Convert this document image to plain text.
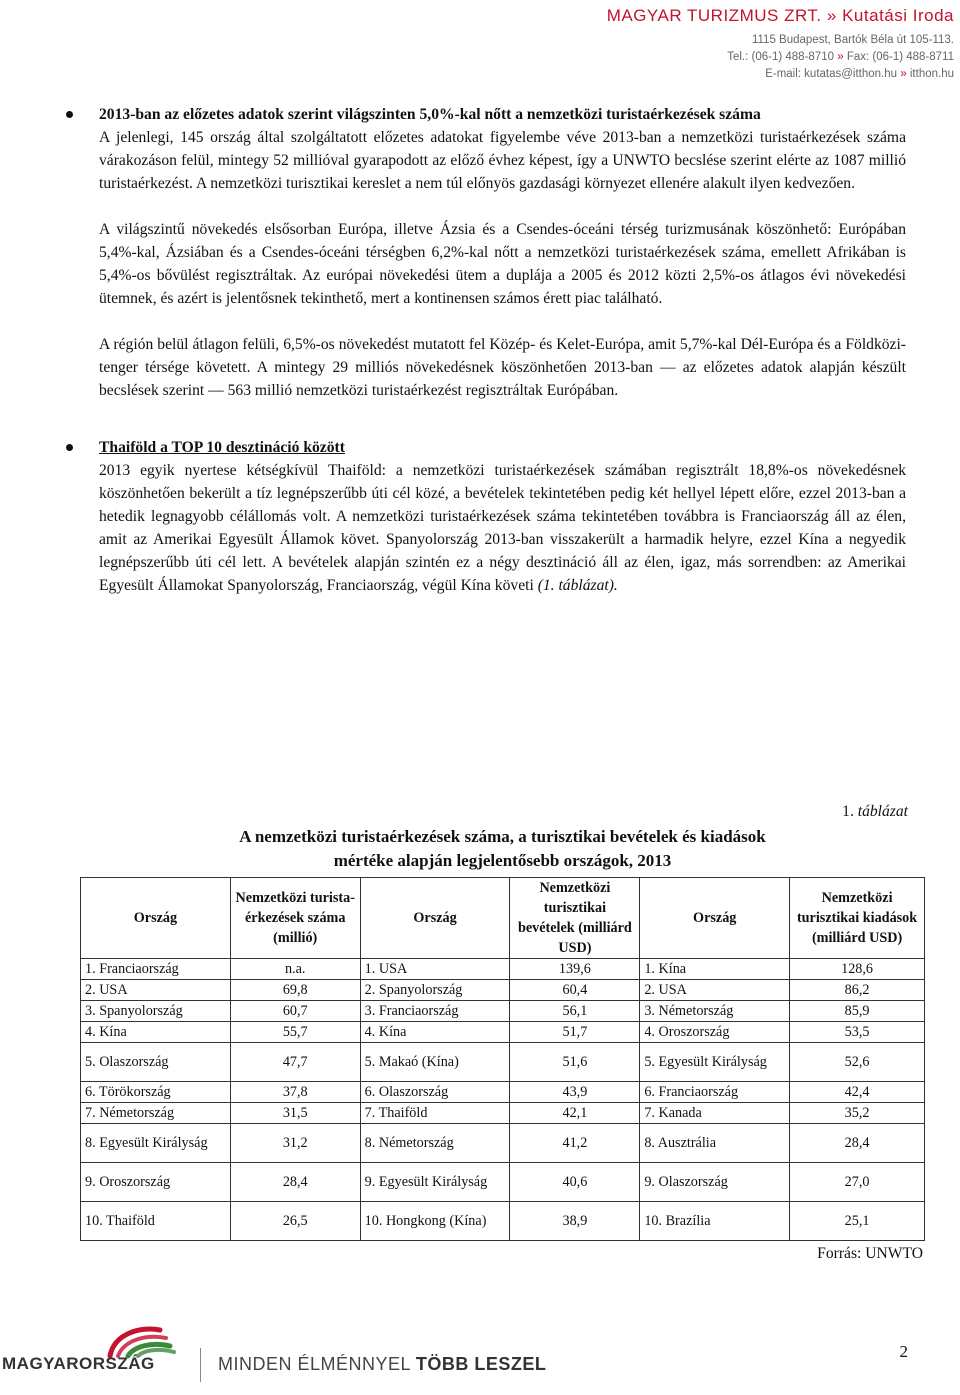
MAGYAR TURIZMUS ZRT. » Kutatási Iroda
1115 Budapest, Bartók Béla út 105-113.
Tel.: (06-1) 488-8710 » Fax: (06-1) 488-8711
E-mail: kutatas@itthon.hu » itthon.hu

2013-ban az előzetes adatok szerint világszinten 5,0%-kal nőtt a nemzetközi turistaérkezések száma

A jelenlegi, 145 ország által szolgáltatott előzetes adatokat figyelembe véve 2013-ban a nemzetközi turistaérkezések száma várakozáson felül, mintegy 52 millióval gyarapodott az előző évhez képest, így a UNWTO becslése szerint elérte az 1087 millió turistaérkezést. A nemzetközi turisztikai kereslet a nem túl előnyös gazdasági környezet ellenére alakult ilyen kedvezően.

A világszintű növekedés elsősorban Európa, illetve Ázsia és a Csendes-óceáni térség turizmusának köszönhető: Európában 5,4%-kal, Ázsiában és a Csendes-óceáni térségben 6,2%-kal nőtt a nemzetközi turistaérkezések száma, emellett Afrikában is 5,4%-os bővülést regisztráltak. Az európai növekedési ütem a duplája a 2005 és 2012 közti 2,5%-os átlagos évi növekedési ütemnek, és azért is jelentősnek tekinthető, mert a kontinensen számos érett piac található.

A régión belül átlagon felüli, 6,5%-os növekedést mutatott fel Közép- és Kelet-Európa, amit 5,7%-kal Dél-Európa és a Földközi-tenger térsége követett. A mintegy 29 milliós növekedésnek köszönhetően 2013-ban — az előzetes adatok alapján készült becslések szerint — 563 millió nemzetközi turistaérkezést regisztráltak Európában.

Thaiföld a TOP 10 desztináció között

2013 egyik nyertese kétségkívül Thaiföld: a nemzetközi turistaérkezések számában regisztrált 18,8%-os növekedésnek köszönhetően bekerült a tíz legnépszerűbb úti cél közé, a bevételek tekintetében pedig két hellyel lépett előre, ezzel 2013-ban a hetedik legnagyobb célállomás volt. A nemzetközi turistaérkezések száma tekintetében továbbra is Franciaország áll az élen, amit az Amerikai Egyesült Államok követ. Spanyolország 2013-ban visszakerült a harmadik helyre, ezzel Kína a negyedik legnépszerűbb úti cél lett. A bevételek alapján szintén ez a négy desztináció áll az élen, igaz, más sorrendben: az Amerikai Egyesült Államokat Spanyolország, Franciaország, végül Kína követi (1. táblázat).

1. táblázat
A nemzetközi turistaérkezések száma, a turisztikai bevételek és kiadások
mértéke alapján legjelentősebb országok, 2013
Ország	Nemzetközi turista-érkezések száma (millió)	Ország	Nemzetközi turisztikai bevételek (milliárd USD)	Ország	Nemzetközi turisztikai kiadások (milliárd USD)
1. Franciaország	n.a.	1. USA	139,6	1. Kína	128,6
2. USA	69,8	2. Spanyolország	60,4	2. USA	86,2
3. Spanyolország	60,7	3. Franciaország	56,1	3. Németország	85,9
4. Kína	55,7	4. Kína	51,7	4. Oroszország	53,5
5. Olaszország	47,7	5. Makaó (Kína)	51,6	5. Egyesült Királyság	52,6
6. Törökország	37,8	6. Olaszország	43,9	6. Franciaország	42,4
7. Németország	31,5	7. Thaiföld	42,1	7. Kanada	35,2
8. Egyesült Királyság	31,2	8. Németország	41,2	8. Ausztrália	28,4
9. Oroszország	28,4	9. Egyesült Királyság	40,6	9. Olaszország	27,0
10. Thaiföld	26,5	10. Hongkong (Kína)	38,9	10. Brazília	25,1
Forrás: UNWTO
MAGYARORSZÁG	MINDEN ÉLMÉNNYEL TÖBB LESZEL
2
